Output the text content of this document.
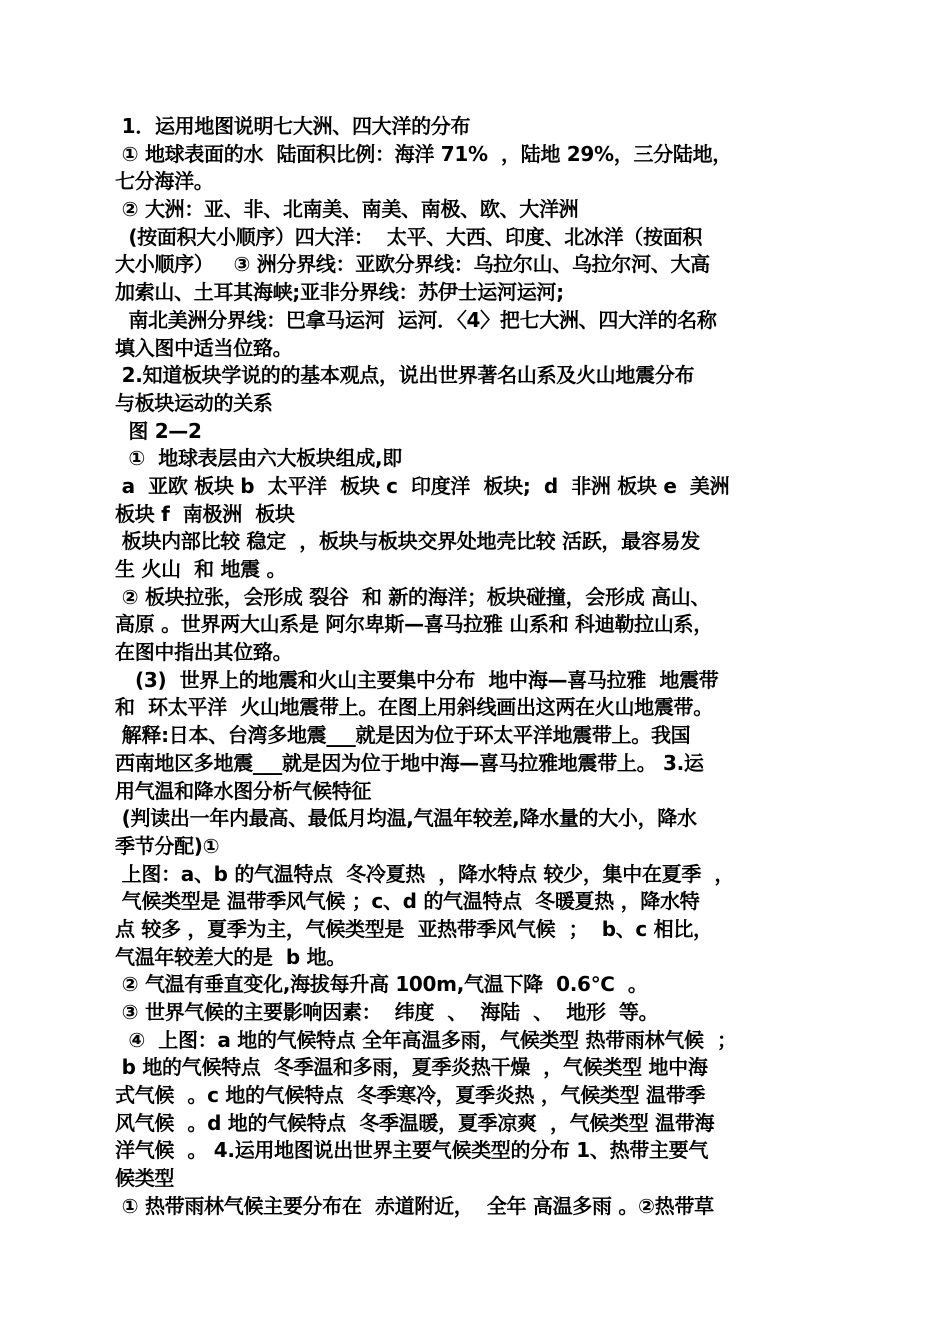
1．运用地图说明七大洲、四大洋的分布
① 地球表面的水  陆面积比例：海洋 71%  ，陆地 29%，三分陆地，
七分海洋。
② 大洲：亚、非、北南美、南美、南极、欧、大洋洲
(按面积大小顺序）四大洋：  太平、大西、印度、北冰洋（按面积
大小顺序）   ③ 洲分界线：亚欧分界线：乌拉尔山、乌拉尔河、大高
加索山、土耳其海峡;亚非分界线：苏伊士运河运河;
南北美洲分界线：巴拿马运河  运河．〈4〉把七大洲、四大洋的名称
填入图中适当位臵。
2.知道板块学说的的基本观点，说出世界著名山系及火山地震分布
与板块运动的关系
图 2—2
①  地球表层由六大板块组成,即
a  亚欧 板块 b  太平洋  板块 c  印度洋  板块;  d  非洲 板块 e  美洲
板块 f  南极洲  板块
板块内部比较 稳定  ，板块与板块交界处地壳比较 活跃，最容易发
生 火山  和 地震 。
② 板块拉张，会形成 裂谷  和 新的海洋；板块碰撞，会形成 高山、
高原 。世界两大山系是 阿尔卑斯—喜马拉雅 山系和 科迪勒拉山系，
在图中指出其位臵。
(3)  世界上的地震和火山主要集中分布  地中海—喜马拉雅  地震带
和  环太平洋  火山地震带上。在图上用斜线画出这两在火山地震带。
解释:日本、台湾多地震___就是因为位于环太平洋地震带上。我国
西南地区多地震___就是因为位于地中海—喜马拉雅地震带上。 3.运
用气温和降水图分析气候特征
(判读出一年内最高、最低月均温,气温年较差,降水量的大小，降水
季节分配)①
上图：a、b 的气温特点  冬冷夏热  ，降水特点 较少，集中在夏季  ，
气候类型是 温带季风气候 ；c、d 的气温特点  冬暖夏热 ，降水特
点 较多 ，夏季为主，气候类型是  亚热带季风气候  ；  b、c 相比，
气温年较差大的是  b 地。
② 气温有垂直变化,海拔每升高 100m,气温下降  0.6℃  。
③ 世界气候的主要影响因素：  纬度  、  海陆  、  地形  等。
④  上图：a 地的气候特点 全年高温多雨，气候类型 热带雨林气候  ；
b 地的气候特点  冬季温和多雨，夏季炎热干燥  ，气候类型 地中海
式气候  。c 地的气候特点  冬季寒冷，夏季炎热 ，气候类型 温带季
风气候  。d 地的气候特点  冬季温暖，夏季凉爽  ，气候类型 温带海
洋气候  。 4.运用地图说出世界主要气候类型的分布 1、热带主要气
候类型
① 热带雨林气候主要分布在  赤道附近，  全年 高温多雨 。②热带草
